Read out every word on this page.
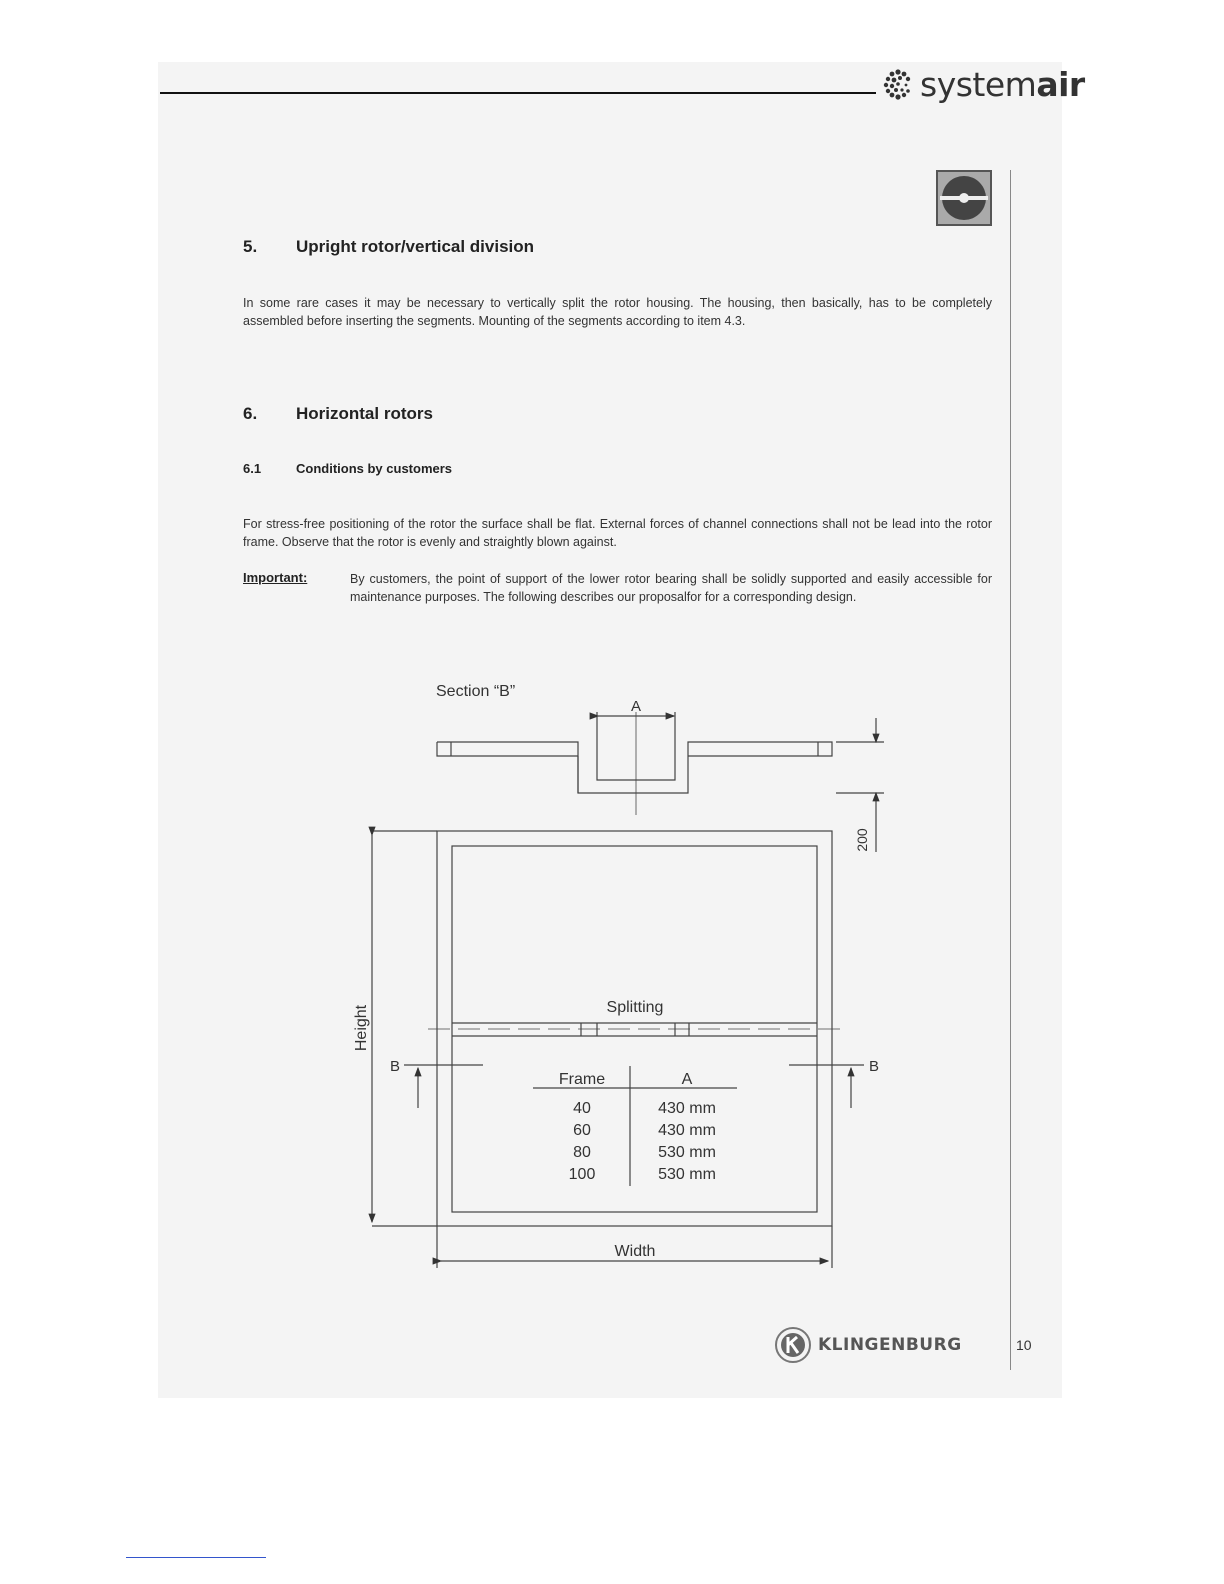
systemair
5. Upright rotor/vertical division
In some rare cases it may be necessary to vertically split the rotor housing. The housing, then basically, has to be completely assembled before inserting the segments. Mounting of the segments according to item 4.3.
6. Horizontal rotors
6.1	Conditions by customers
For stress-free positioning of the rotor the surface shall be flat. External forces of channel connections shall not be lead into the rotor frame. Observe that the rotor is evenly and straightly blown against.
Important:	By customers, the point of support of the lower rotor bearing shall be solidly supported and easily accessible for maintenance purposes. The following describes our proposalfor for a corresponding design.
Section “B”
A
200
Splitting
Height
Width
B	B
Frame	A
40	430 mm
60	430 mm
80	530 mm
100	530 mm
KLINGENBURG	10
